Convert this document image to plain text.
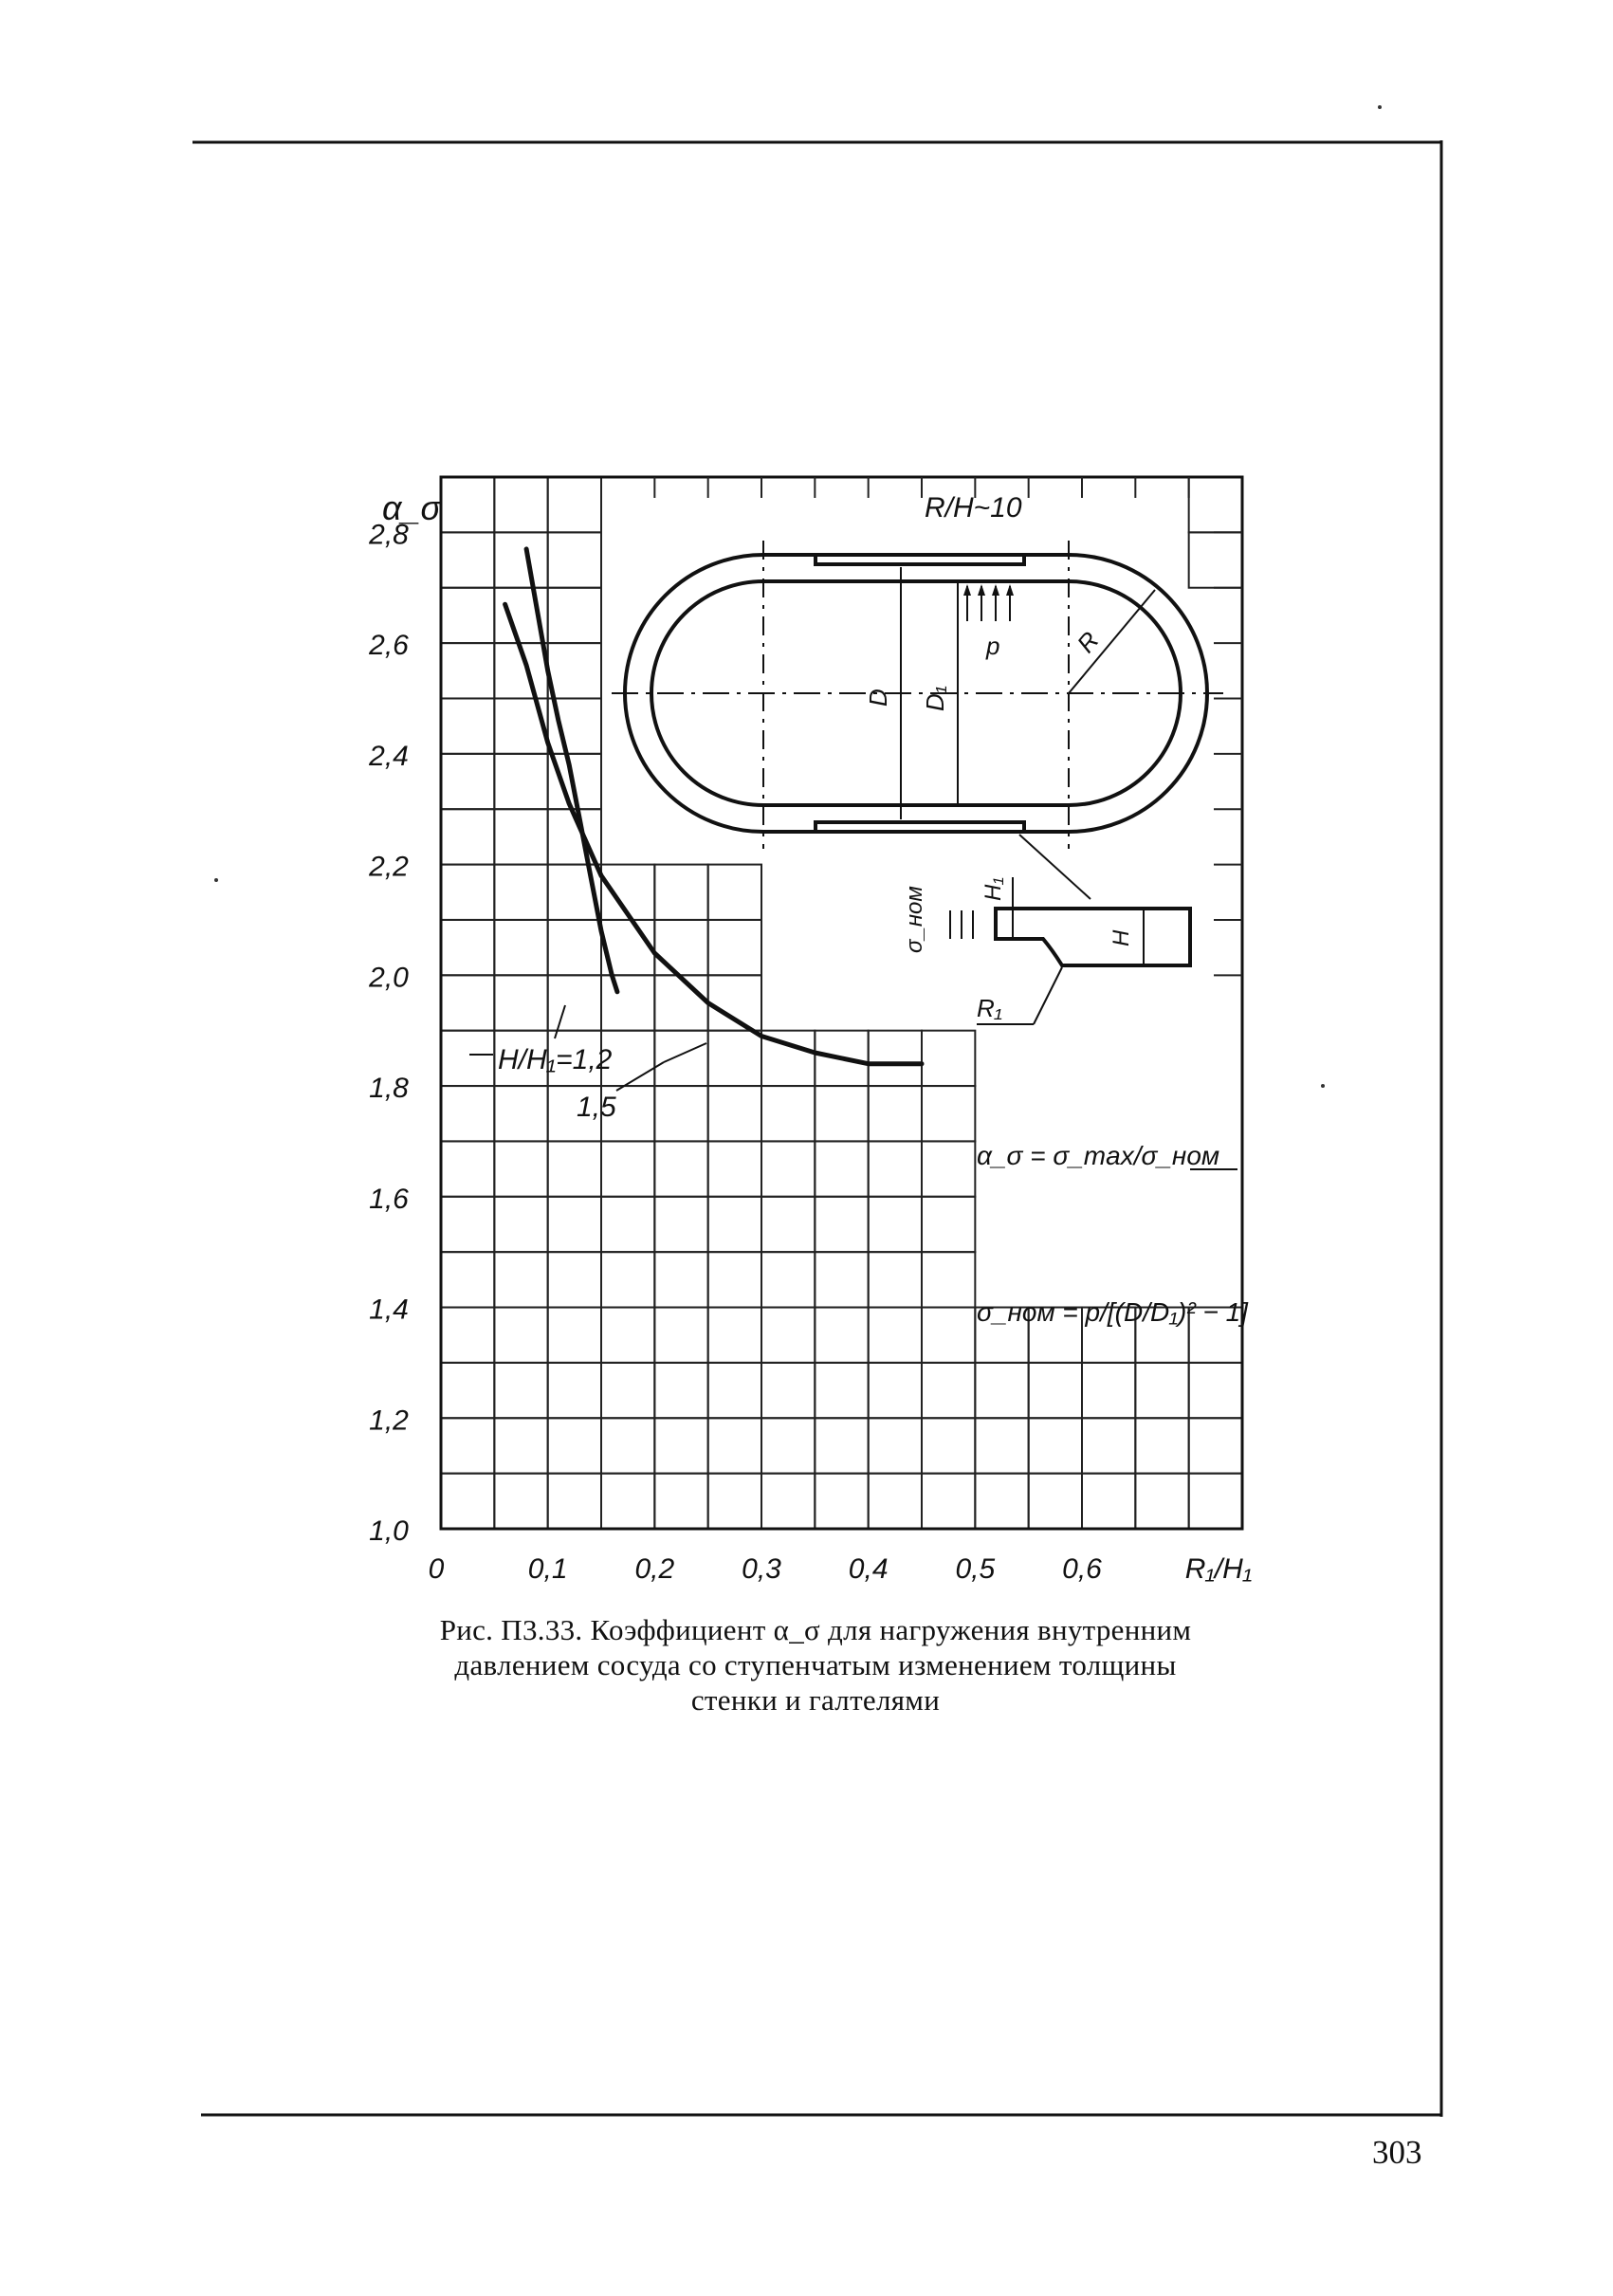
D D₁
p	R
R/H~10
H
H₁
R₁
σ_ном
H/H₁=1,2
1,5
1,0
1,2
1,4
1,6
1,8
2,0
2,2
2,4
2,6
2,8
0	0,1 0,2 0,3 0,4 0,5 0,6
α_σ
R₁/H₁
α_σ = σ_max/σ_ном
σ_ном = p/[(D/D₁)² − 1]
Рис. П3.33. Коэффициент α_σ для нагружения внутренним
давлением сосуда со ступенчатым изменением толщины
стенки и галтелями
303
